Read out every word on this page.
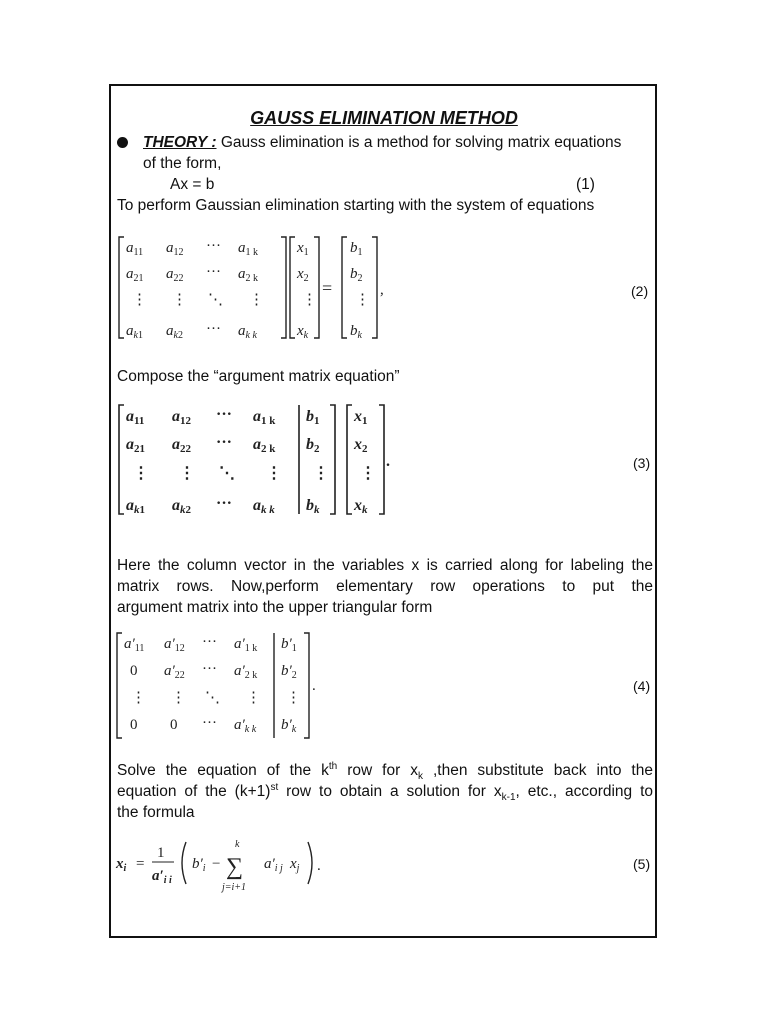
GAUSS ELIMINATION METHOD
THEORY : Gauss elimination is a method for solving matrix equations
of the form,
Ax = b	(1)
To perform Gaussian elimination starting with the system of equations
$a_{11}$ $a_{12}$ ··· $a_{1 k}$
$a_{21}$ $a_{22}$ ··· $a_{2 k}$
⋮ ⋮ ⋱ ⋮
$a_k1$ $a_k2$ ··· $a_{k k}$
$x_1$
$x_2$
⋮
$x_k$
=
$b_1$
$b_2$
⋮
$b_k$
,	(2)
Compose the “argument matrix equation”
a11 a12 ··· a1 k b1
a21 a22 ··· a2 k b2
⋮ ⋮ ⋱ ⋮ ⋮
ak1 ak2 ··· ak k bk
x1
x2
⋮
xk
.	(3)
Here the column vector in the variables x is carried along for labeling the
matrix rows. Now,perform elementary row operations to put the
argument matrix into the upper triangular form
$a'_{11}$ $a'_{12}$ ··· $a'_{1 k}$ $b'_1$
0 $a'_{22}$ ··· $a'_{2 k}$ $b'_2$
⋮ ⋮ ⋱ ⋮ ⋮
0 0 ··· $a'_{k k}$ $b'_k$
.	(4)
Solve the equation of the $k^{th}$ row for $x_k$ ,then substitute back into the
equation of the $(k+1)^{st}$ row to obtain a solution for $x_{k-1}$, etc., according to
the formula
$x_i$ =
1
$a'_{i i}$
$b'_i$ −
k
∑
j=i+1
$a'_{i j}$ $x_j$ .	(5)
